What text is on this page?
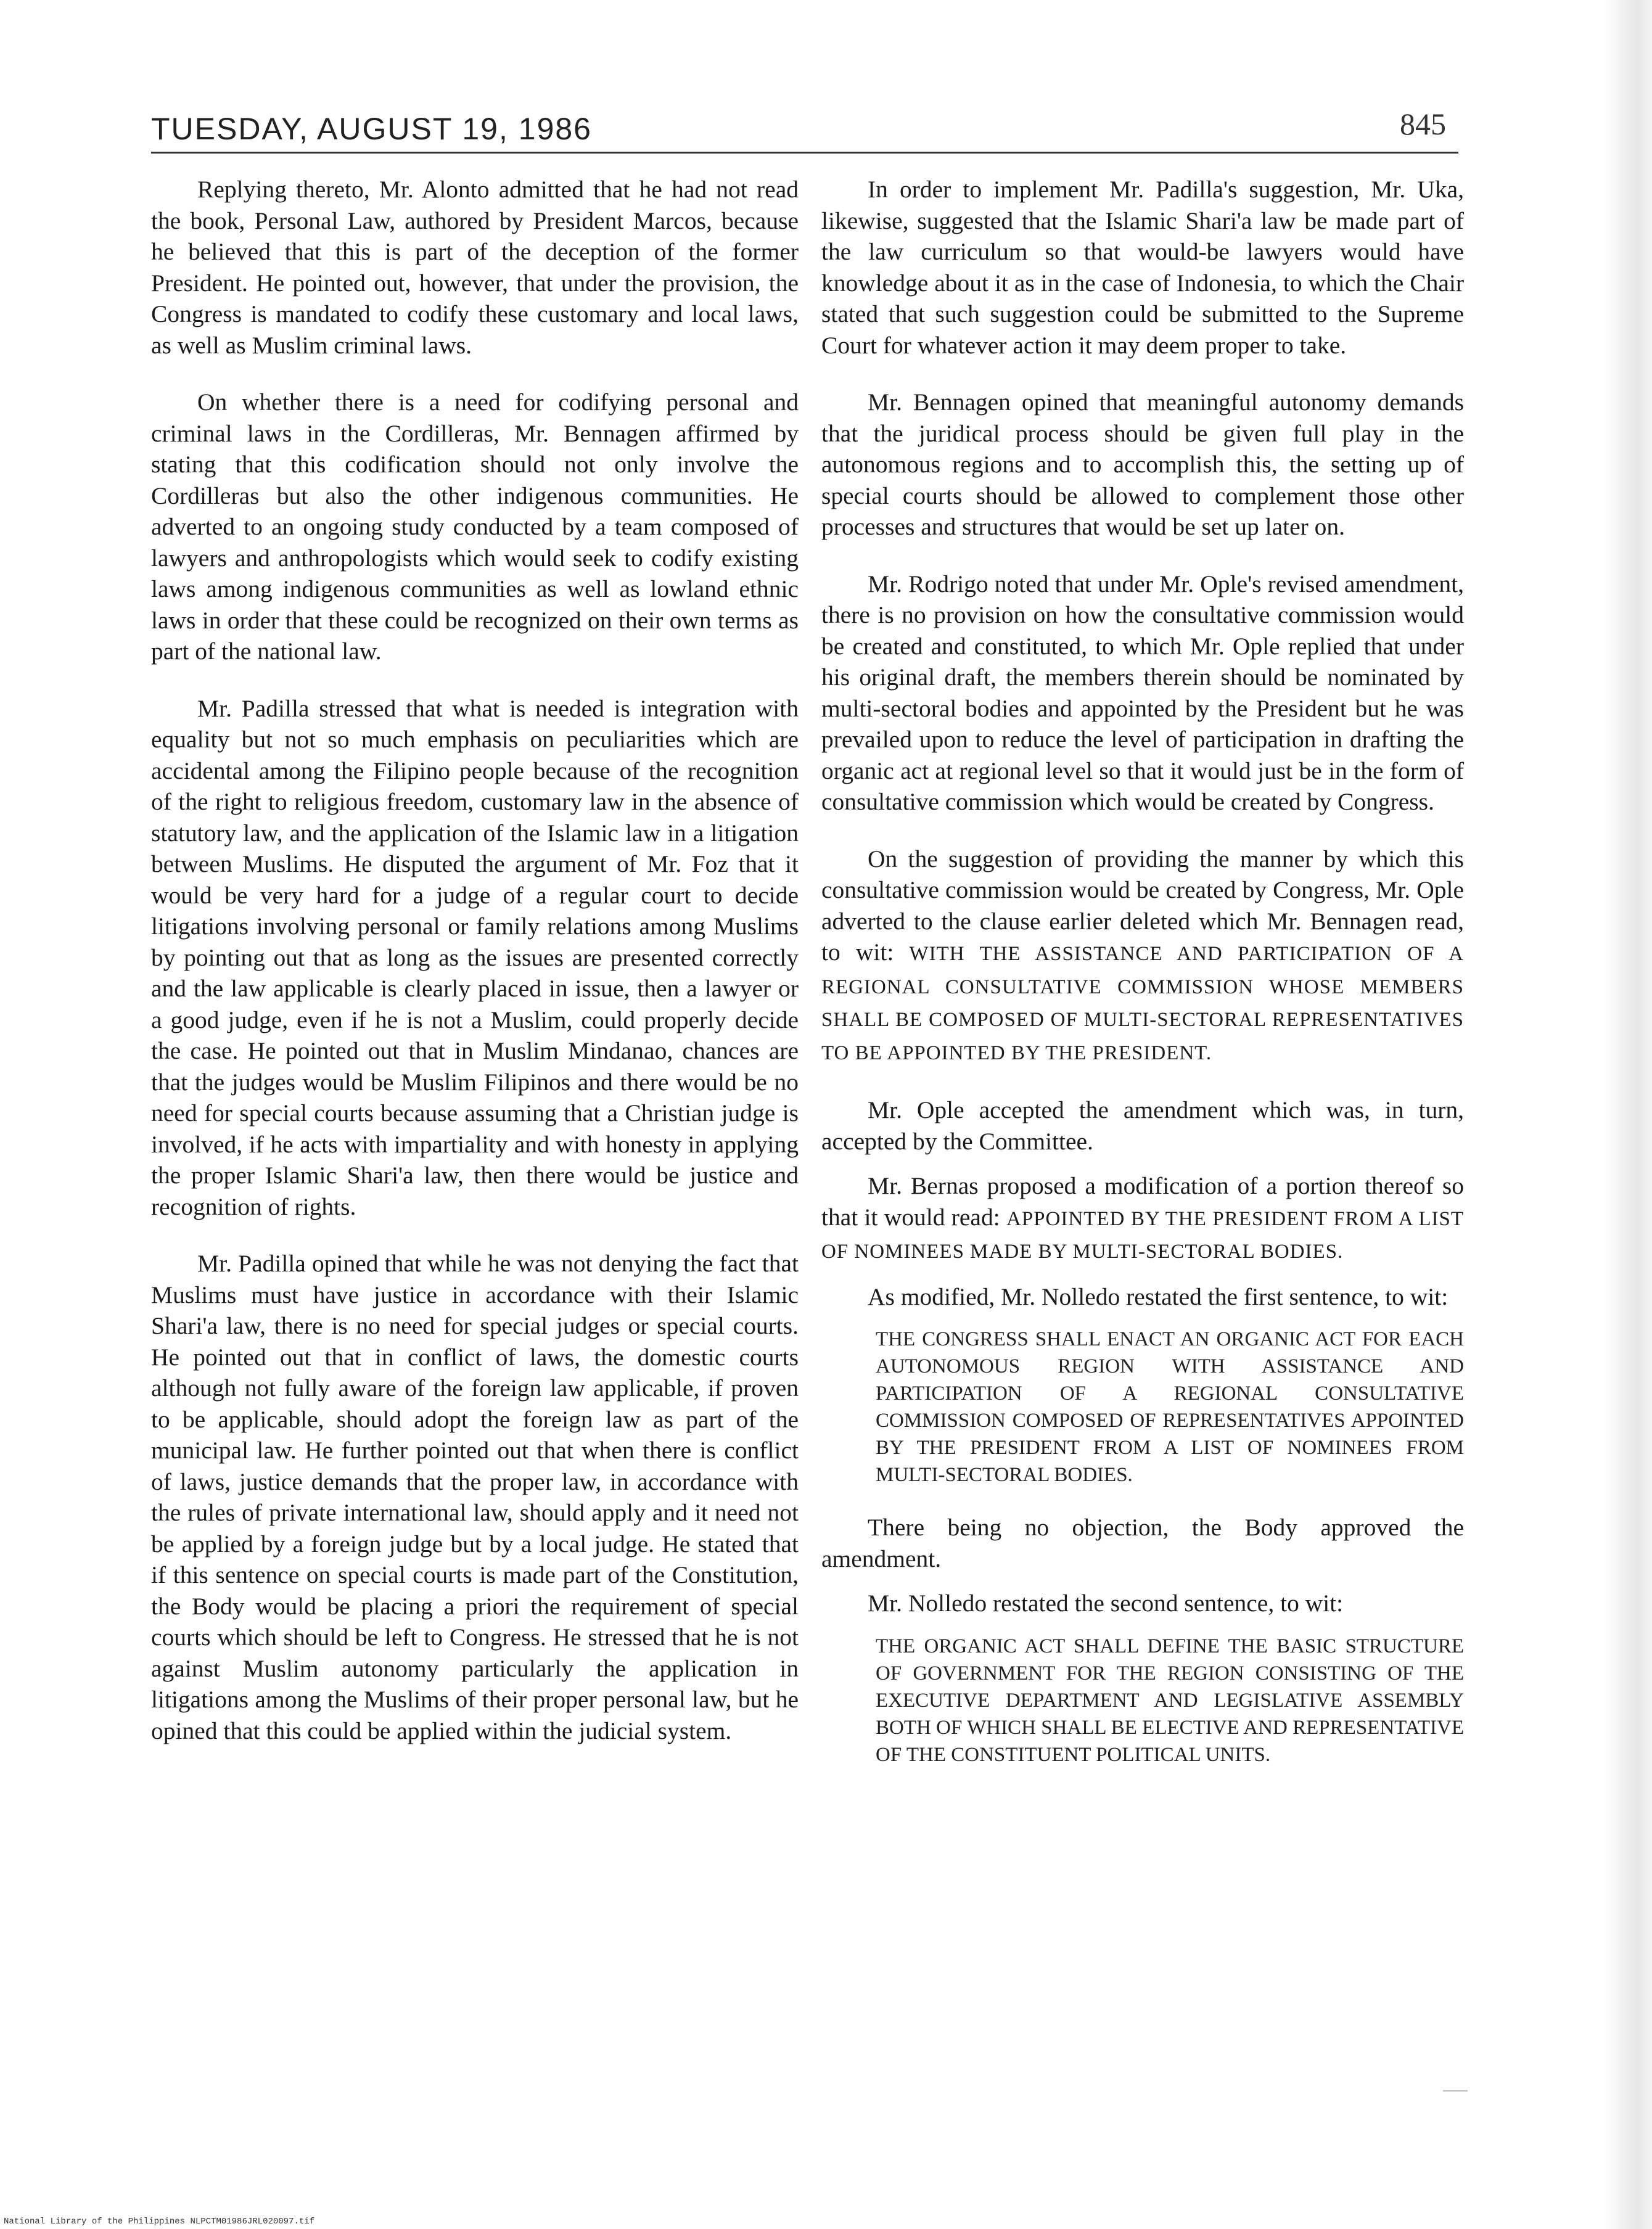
TUESDAY, AUGUST 19, 1986	845

Replying thereto, Mr. Alonto admitted that he had not read the book, Personal Law, authored by President Marcos, because he believed that this is part of the deception of the former President. He pointed out, however, that under the provision, the Congress is mandated to codify these customary and local laws, as well as Muslim criminal laws.

On whether there is a need for codifying personal and criminal laws in the Cordilleras, Mr. Bennagen affirmed by stating that this codification should not only involve the Cordilleras but also the other indigenous communities. He adverted to an ongoing study conducted by a team composed of lawyers and anthropologists which would seek to codify existing laws among indigenous communities as well as lowland ethnic laws in order that these could be recognized on their own terms as part of the national law.

Mr. Padilla stressed that what is needed is integration with equality but not so much emphasis on peculiarities which are accidental among the Filipino people because of the recognition of the right to religious freedom, customary law in the absence of statutory law, and the application of the Islamic law in a litigation between Muslims. He disputed the argument of Mr. Foz that it would be very hard for a judge of a regular court to decide litigations involving personal or family relations among Muslims by pointing out that as long as the issues are presented correctly and the law applicable is clearly placed in issue, then a lawyer or a good judge, even if he is not a Muslim, could properly decide the case. He pointed out that in Muslim Mindanao, chances are that the judges would be Muslim Filipinos and there would be no need for special courts because assuming that a Christian judge is involved, if he acts with impartiality and with honesty in applying the proper Islamic Shari'a law, then there would be justice and recognition of rights.

Mr. Padilla opined that while he was not denying the fact that Muslims must have justice in accordance with their Islamic Shari'a law, there is no need for special judges or special courts. He pointed out that in conflict of laws, the domestic courts although not fully aware of the foreign law applicable, if proven to be applicable, should adopt the foreign law as part of the municipal law. He further pointed out that when there is conflict of laws, justice demands that the proper law, in accordance with the rules of private international law, should apply and it need not be applied by a foreign judge but by a local judge. He stated that if this sentence on special courts is made part of the Constitution, the Body would be placing a priori the requirement of special courts which should be left to Congress. He stressed that he is not against Muslim autonomy particularly the application in litigations among the Muslims of their proper personal law, but he opined that this could be applied within the judicial system.

In order to implement Mr. Padilla's suggestion, Mr. Uka, likewise, suggested that the Islamic Shari'a law be made part of the law curriculum so that would-be lawyers would have knowledge about it as in the case of Indonesia, to which the Chair stated that such suggestion could be submitted to the Supreme Court for whatever action it may deem proper to take.

Mr. Bennagen opined that meaningful autonomy demands that the juridical process should be given full play in the autonomous regions and to accomplish this, the setting up of special courts should be allowed to complement those other processes and structures that would be set up later on.

Mr. Rodrigo noted that under Mr. Ople's revised amendment, there is no provision on how the consultative commission would be created and constituted, to which Mr. Ople replied that under his original draft, the members therein should be nominated by multi-sectoral bodies and appointed by the President but he was prevailed upon to reduce the level of participation in drafting the organic act at regional level so that it would just be in the form of consultative commission which would be created by Congress.

On the suggestion of providing the manner by which this consultative commission would be created by Congress, Mr. Ople adverted to the clause earlier deleted which Mr. Bennagen read, to wit: WITH THE ASSISTANCE AND PARTICIPATION OF A REGIONAL CONSULTATIVE COMMISSION WHOSE MEMBERS SHALL BE COMPOSED OF MULTI-SECTORAL REPRESENTATIVES TO BE APPOINTED BY THE PRESIDENT.

Mr. Ople accepted the amendment which was, in turn, accepted by the Committee.

Mr. Bernas proposed a modification of a portion thereof so that it would read: APPOINTED BY THE PRESIDENT FROM A LIST OF NOMINEES MADE BY MULTI-SECTORAL BODIES.

As modified, Mr. Nolledo restated the first sentence, to wit:

THE CONGRESS SHALL ENACT AN ORGANIC ACT FOR EACH AUTONOMOUS REGION WITH ASSISTANCE AND PARTICIPATION OF A REGIONAL CONSULTATIVE COMMISSION COMPOSED OF REPRESENTATIVES APPOINTED BY THE PRESIDENT FROM A LIST OF NOMINEES FROM MULTI-SECTORAL BODIES.

There being no objection, the Body approved the amendment.

Mr. Nolledo restated the second sentence, to wit:

THE ORGANIC ACT SHALL DEFINE THE BASIC STRUCTURE OF GOVERNMENT FOR THE REGION CONSISTING OF THE EXECUTIVE DEPARTMENT AND LEGISLATIVE ASSEMBLY BOTH OF WHICH SHALL BE ELECTIVE AND REPRESENTATIVE OF THE CONSTITUENT POLITICAL UNITS.
National Library of the Philippines NLPCTM01986JRL020097.tif
